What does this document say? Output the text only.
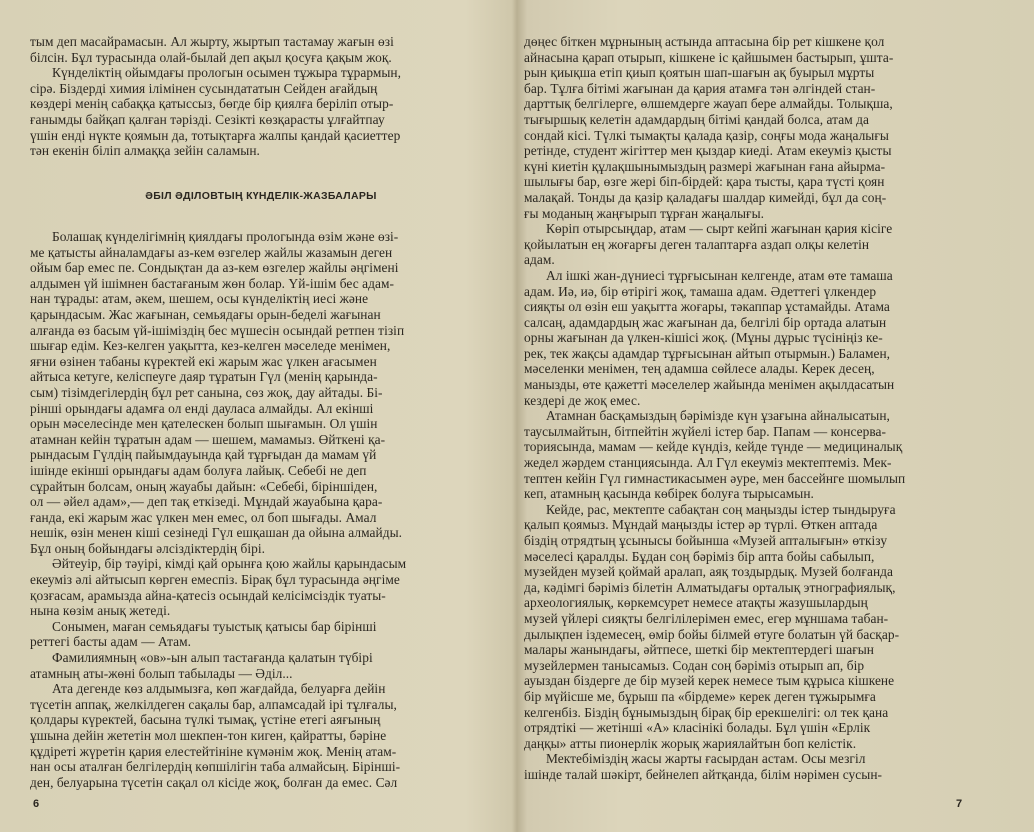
тым деп масайрамасын. Ал жырту, жыртып тастамау жағын өзі
білсін. Бұл турасында олай-былай деп ақыл қосуға қақым жоқ.

Күнделіктің ойымдағы прологын осымен тұжыра тұрармын,
сірә. Біздерді химия ілімінен сусындататын Сейден ағайдың
көздері менің сабаққа қатыссыз, бөгде бір қиялға беріліп отыр-
ғанымды байқап қалған тәрізді. Сезікті көзқарасты ұлғайтпау
үшін енді нүкте қоямын да, тотықтарға жалпы қандай қасиеттер
тән екенін біліп алмаққа зейін саламын.

ӘБІЛ ӘДІЛОВТЫҢ КҮНДЕЛІК-ЖАЗБАЛАРЫ

Болашақ күнделігімнің қиялдағы прологында өзім және өзі-
ме қатысты айналамдағы аз-кем өзгелер жайлы жазамын деген
ойым бар емес пе. Сондықтан да аз-кем өзгелер жайлы әңгімені
алдымен үй ішімнен бастағаным жөн болар. Үй-ішім бес адам-
нан тұрады: атам, әкем, шешем, осы күнделіктің иесі және
қарындасым. Жас жағынан, семьядағы орын-беделі жағынан
алғанда өз басым үй-ішіміздің бес мүшесін осындай ретпен тізіп
шығар едім. Кез-келген уақытта, кез-келген мәселеде менімен,
яғни өзінен табаны күректей екі жарым жас үлкен ағасымен
айтыса кетуге, келіспеуге даяр тұратын Гүл (менің қарында-
сым) тізімдегілердің бұл рет санына, сөз жоқ, дау айтады. Бі-
рінші орындағы адамға ол енді дауласа алмайды. Ал екінші
орын мәселесінде мен қателескен болып шығамын. Ол үшін
атамнан кейін тұратын адам — шешем, мамамыз. Өйткені қа-
рындасым Гүлдің пайымдауында қай тұрғыдан да мамам үй
ішінде екінші орындағы адам болуға лайық. Себебі не деп
сұрайтын болсам, оның жауабы дайын: «Себебі, біріншіден,
ол — әйел адам»,— деп тақ еткізеді. Мұндай жауабына қара-
ғанда, екі жарым жас үлкен мен емес, ол боп шығады. Амал
нешік, өзін менен кіші сезінеді Гүл ешқашан да ойына алмайды.
Бұл оның бойындағы әлсіздіктердің бірі.

Әйтеуір, бір тәуірі, кімді қай орынға қою жайлы қарындасым
екеуміз әлі айтысып көрген емеспіз. Бірақ бұл турасында әңгіме
қозғасам, арамызда айна-қатесіз осындай келісімсіздік туаты-
нына көзім анық жетеді.

Сонымен, маған семьядағы туыстық қатысы бар біріншi
реттегі басты адам — Атам.

Фамилиямның «ов»-ын алып тастағанда қалатын түбірі
атамның аты-жөні болып табылады — Әділ...

Ата дегенде көз алдымызға, көп жағдайда, белуарға дейін
түсетін аппақ, желкілдеген сақалы бар, алпамсадай ірі тұлғалы,
қолдары күректей, басына түлкі тымақ, үстіне етегі аяғының
ұшына дейін жететін мол шекпен-тон киген, қайратты, бәріне
құдіреті жүретін қария елестейтініне күмәнім жоқ. Менің атам-
нан осы аталған белгілердің көпшілігін таба алмайсың. Біріншi-
ден, белуарына түсетін сақал ол кісіде жоқ, болған да емес. Сәл

6

дөңес біткен мұрнының астында аптасына бір рет кішкене қол
айнасына қарап отырып, кішкене іс қайшымен бастырып, ұшта-
рын қиықша етіп қиып қоятын шап-шағын ақ буырыл мұрты
бар. Тұлға бітімі жағынан да қария атамға тән әлгіндей стан-
дарттық белгілерге, өлшемдерге жауап бере алмайды. Толықша,
тығыршық келетін адамдардың бітімі қандай болса, атам да
сондай кісі. Түлкі тымақты қалада қазір, соңғы мода жаңалығы
ретінде, студент жігіттер мен қыздар киеді. Атам екеуміз қысты
күні киетін құлақшынымыздың размері жағынан ғана айырма-
шылығы бар, өзге жері біп-бірдей: қара тысты, қара түсті қоян
малақай. Тонды да қазір қаладағы шалдар кимейді, бұл да соң-
ғы моданың жаңғырып тұрған жаңалығы.

Көріп отырсыңдар, атам — сырт кейпі жағынан қария кісіге
қойылатын ең жоғарғы деген талаптарға аздап олқы келетін
адам.

Ал ішкі жан-дүниесі тұрғысынан келгенде, атам өте тамаша
адам. Иә, иә, бір өтірігі жоқ, тамаша адам. Әдеттегі үлкендер
сияқты ол өзін еш уақытта жоғары, тәкаппар ұстамайды. Атама
салсаң, адамдардың жас жағынан да, белгілі бір ортада алатын
орны жағынан да үлкен-кішісі жоқ. (Мұны дұрыс түсініңіз ке-
рек, тек жақсы адамдар тұрғысынан айтып отырмын.) Баламен,
мәселенки менімен, тең адамша сөйлесе алады. Керек десең,
манызды, өте қажетті мәселелер жайында менімен ақылдасатын
кездері де жоқ емес.

Атамнан басқамыздың бәрімізде күн ұзағына айналысатын,
таусылмайтын, бітпейтін жүйелі істер бар. Папам — консерва-
ториясында, мамам — кейде күндіз, кейде түнде — медициналық
жедел жәрдем станциясында. Ал Гүл екеуміз мектептеміз. Мек-
тептен кейін Гүл гимнастикасымен әуре, мен бассейнге шомылып
кеп, атамның қасында көбірек болуға тырысамын.

Кейде, рас, мектепте сабақтан соң маңызды істер тындыруға
қалып қоямыз. Мұндай маңызды істер әр түрлі. Өткен аптада
біздің отрядтың ұсынысы бойынша «Музей апталығын» өткізу
мәселесі қаралды. Бұдан соң бәріміз бір апта бойы сабылып,
музейден музей қоймай аралап, аяқ тоздырдық. Музей болғанда
да, кәдімгі бәріміз білетін Алматыдағы орталық этнографиялық,
археологиялық, көркемсурет немесе атақты жазушылардың
музей үйлері сияқты белгілілерімен емес, егер мұншама табан-
дылықпен іздемесең, өмір бойы білмей өтуге болатын үй басқар-
малары жанындағы, әйтпесе, шеткі бір мектептердегі шағын
музейлермен танысамыз. Содан соң бәріміз отырып ап, бір
ауыздан біздерге де бір музей керек немесе тым құрыса кішкене
бір мүйісше ме, бұрыш па «бірдеме» керек деген тұжырымға
келгенбіз. Біздің бұнымыздың бірақ бір ерекшелігі: ол тек қана
отрядтікі — жетінші «А» класінікі болады. Бұл үшін «Ерлік
даңқы» атты пионерлік жорық жариялайтын боп келістік.

Мектебіміздің жасы жарты ғасырдан астам. Осы мезгіл
ішінде талай шәкірт, бейнелеп айтқанда, білім нәрімен сусын-

7
